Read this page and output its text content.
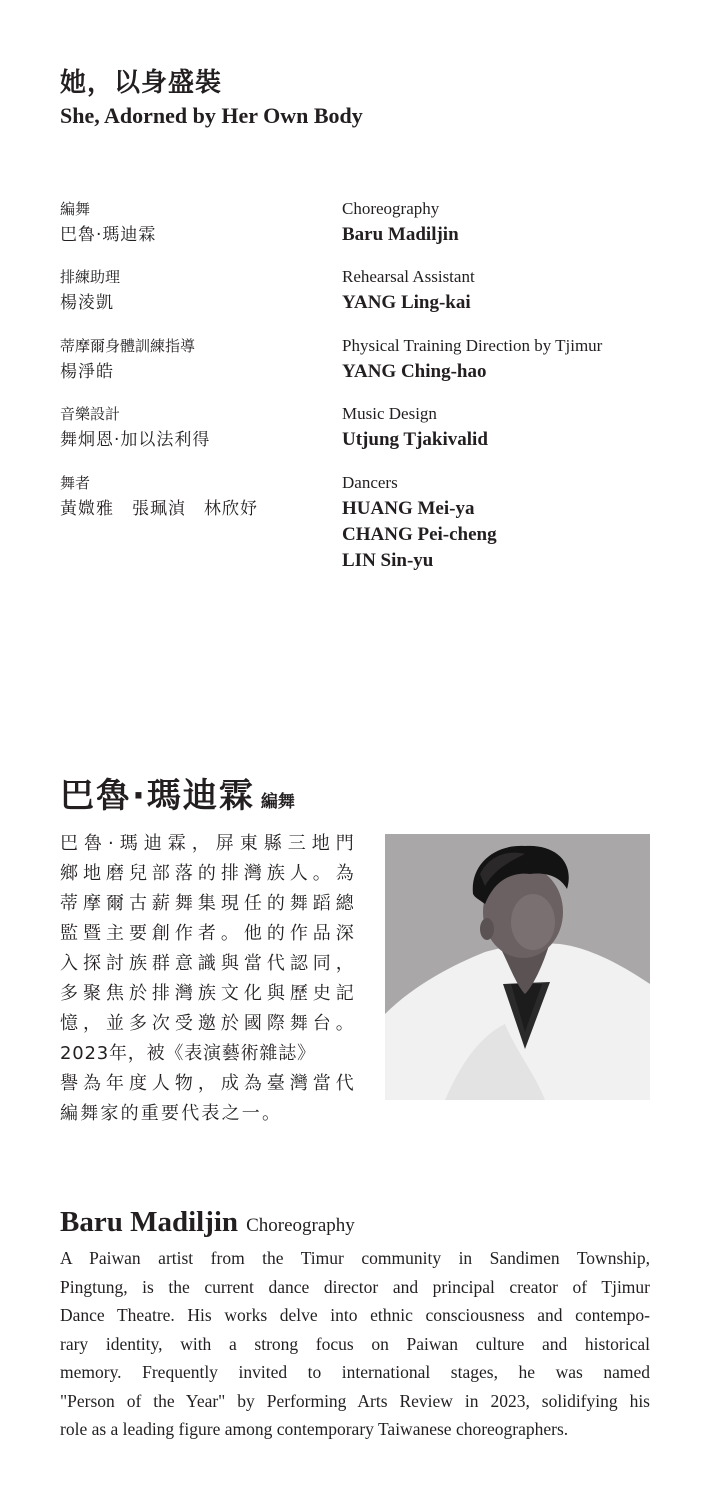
她，以身盛裝
She, Adorned by Her Own Body
編舞
巴魯·瑪迪霖
Choreography
Baru Madiljin
排練助理
楊淩凱
Rehearsal Assistant
YANG Ling-kai
蒂摩爾身體訓練指導
楊淨皓
Physical Training Direction by Tjimur
YANG Ching-hao
音樂設計
舞炯恩·加以法利得
Music Design
Utjung Tjakivalid
舞者
黃媺雅　張珮湞　林欣妤
Dancers
HUANG Mei-ya
CHANG Pei-cheng
LIN Sin-yu
巴魯·瑪迪霖 編舞
巴魯·瑪迪霖，屏東縣三地門
鄉地磨兒部落的排灣族人。為
蒂摩爾古薪舞集現任的舞蹈總
監暨主要創作者。他的作品深
入探討族群意識與當代認同，
多聚焦於排灣族文化與歷史記
憶，並多次受邀於國際舞台。
2023年，被《表演藝術雜誌》
譽為年度人物，成為臺灣當代
編舞家的重要代表之一。
Baru Madiljin Choreography
A Paiwan artist from the Timur community in Sandimen Township,
Pingtung, is the current dance director and principal creator of Tjimur
Dance Theatre. His works delve into ethnic consciousness and contempo-
rary identity, with a strong focus on Paiwan culture and historical
memory. Frequently invited to international stages, he was named
"Person of the Year" by Performing Arts Review in 2023, solidifying his
role as a leading figure among contemporary Taiwanese choreographers.
